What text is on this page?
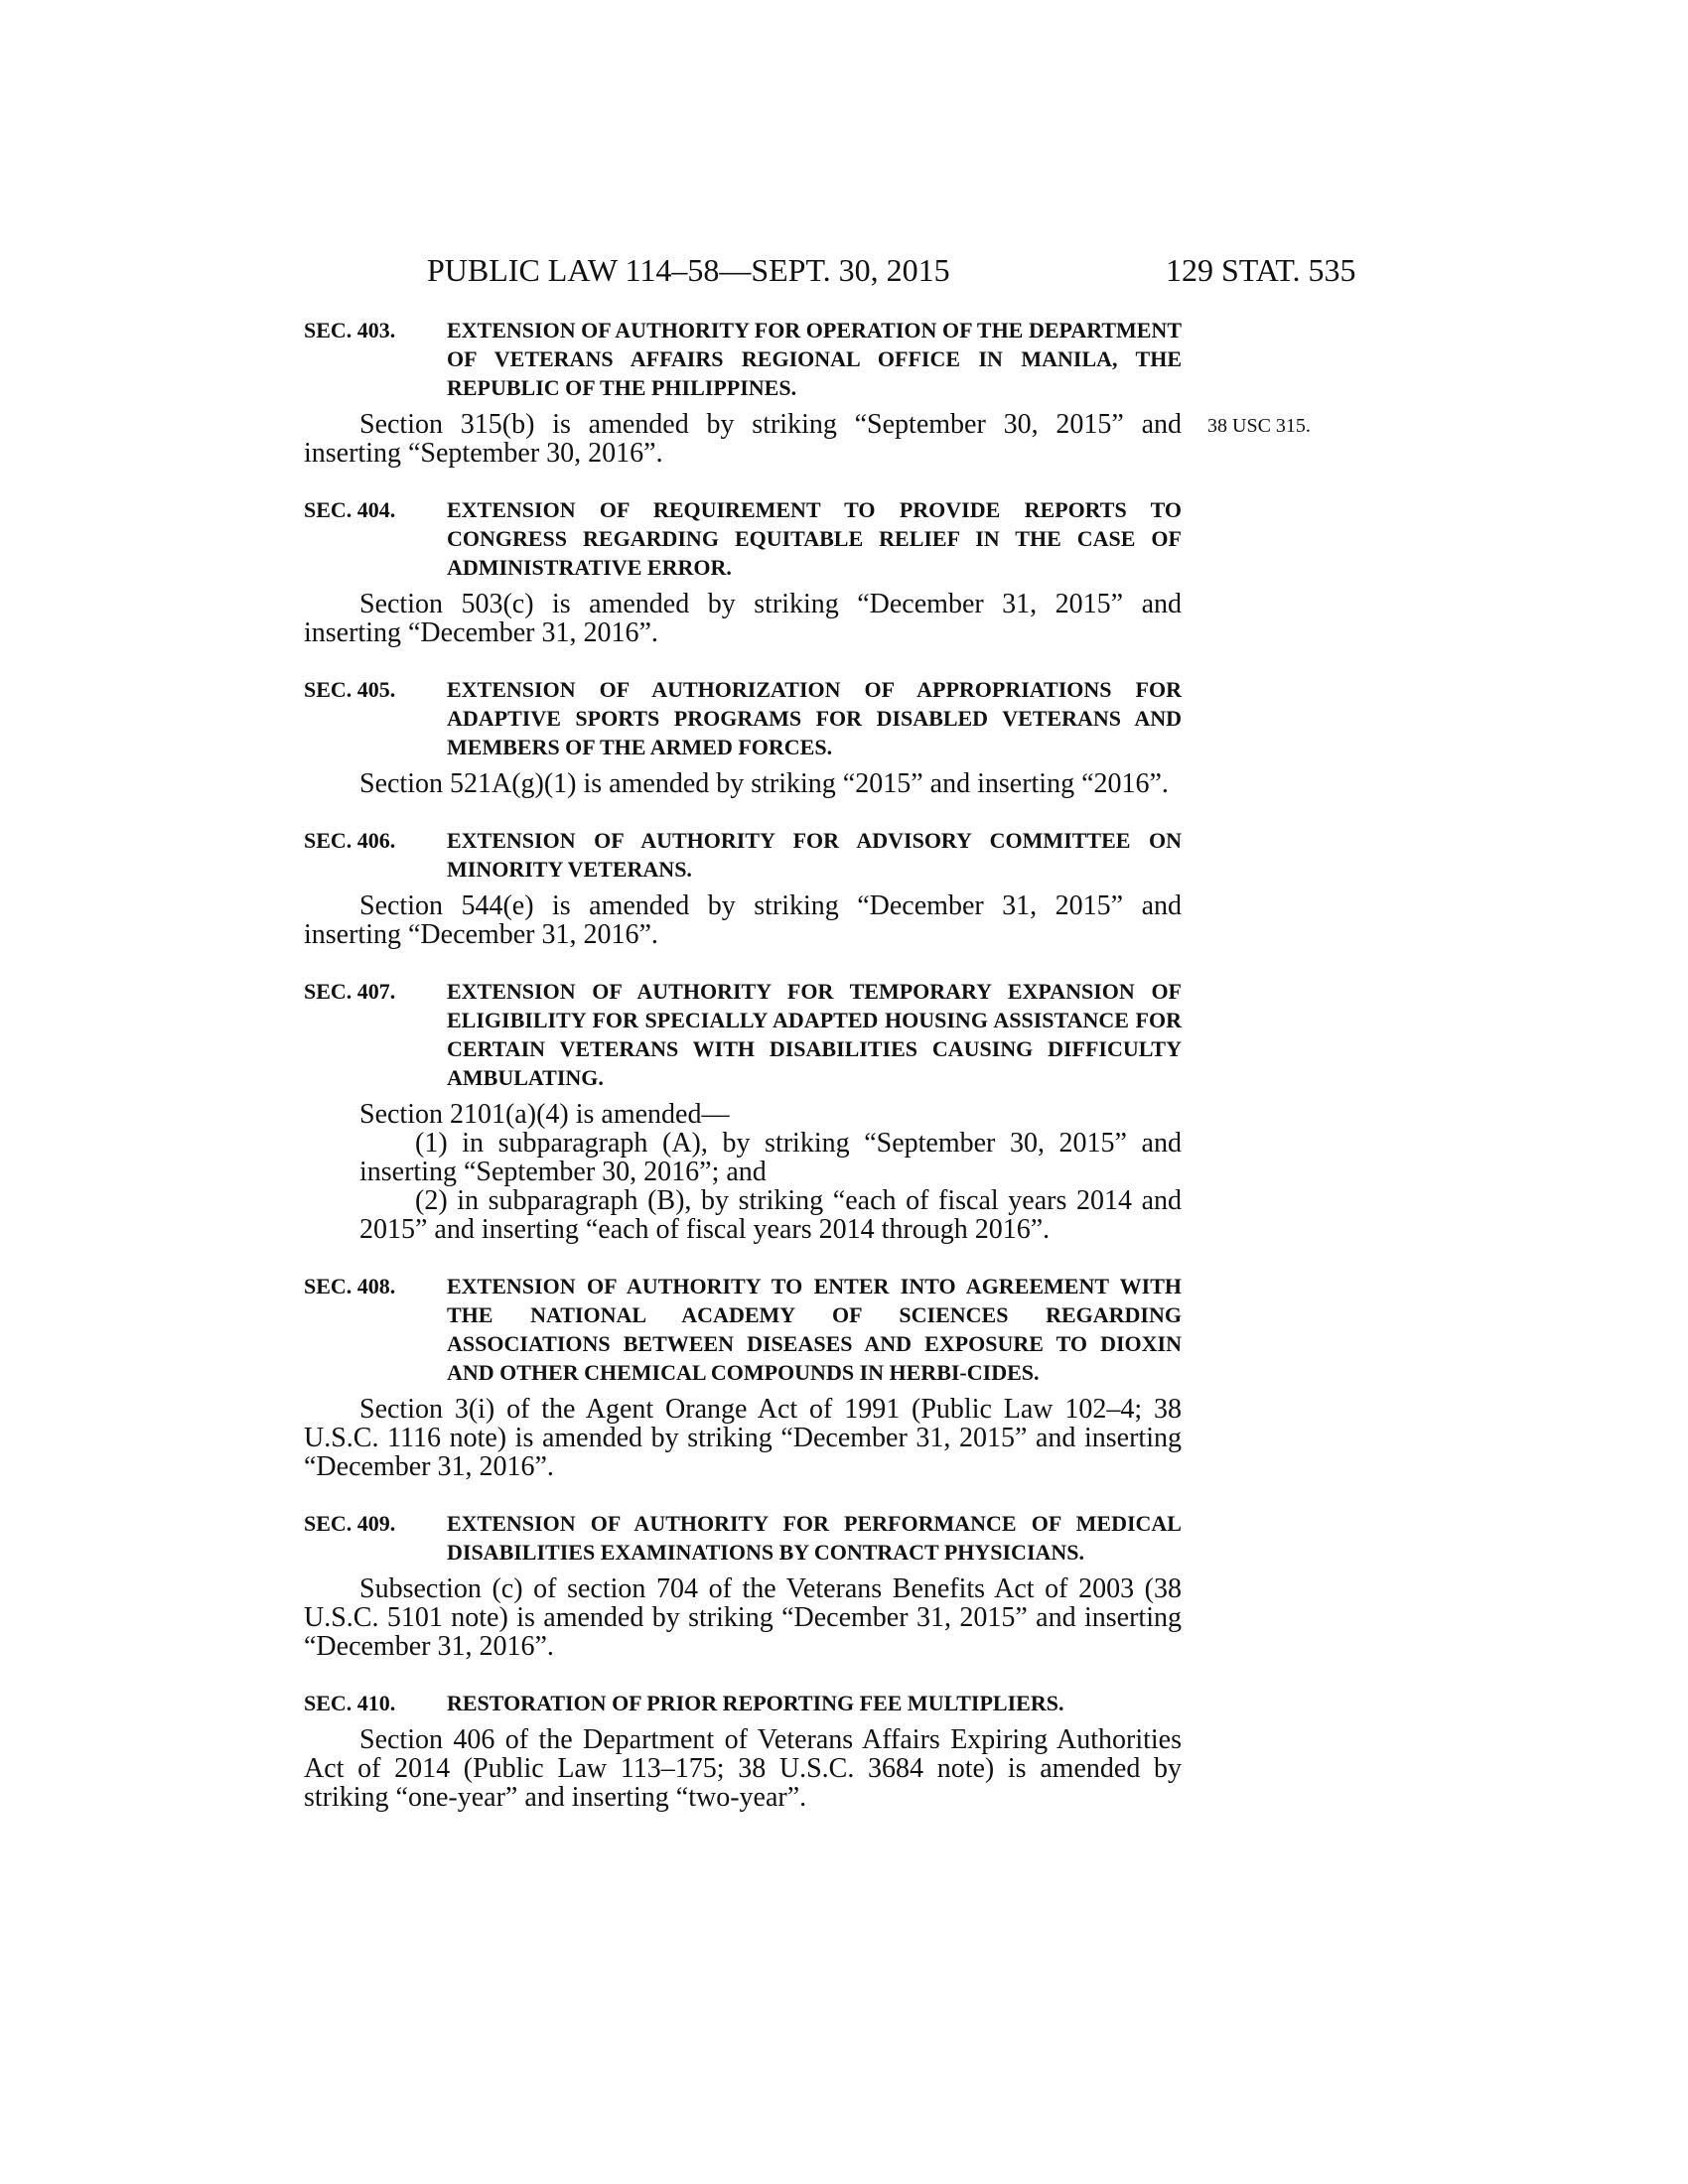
PUBLIC LAW 114–58—SEPT. 30, 2015	129 STAT. 535
SEC. 403. EXTENSION OF AUTHORITY FOR OPERATION OF THE DEPARTMENT OF VETERANS AFFAIRS REGIONAL OFFICE IN MANILA, THE REPUBLIC OF THE PHILIPPINES.

Section 315(b) is amended by striking “September 30, 2015” and inserting “September 30, 2016”.

38 USC 315.
SEC. 404. EXTENSION OF REQUIREMENT TO PROVIDE REPORTS TO CONGRESS REGARDING EQUITABLE RELIEF IN THE CASE OF ADMINISTRATIVE ERROR.

Section 503(c) is amended by striking “December 31, 2015” and inserting “December 31, 2016”.

SEC. 405. EXTENSION OF AUTHORIZATION OF APPROPRIATIONS FOR ADAPTIVE SPORTS PROGRAMS FOR DISABLED VETERANS AND MEMBERS OF THE ARMED FORCES.

Section 521A(g)(1) is amended by striking “2015” and inserting “2016”.

SEC. 406. EXTENSION OF AUTHORITY FOR ADVISORY COMMITTEE ON MINORITY VETERANS.

Section 544(e) is amended by striking “December 31, 2015” and inserting “December 31, 2016”.

SEC. 407. EXTENSION OF AUTHORITY FOR TEMPORARY EXPANSION OF ELIGIBILITY FOR SPECIALLY ADAPTED HOUSING ASSISTANCE FOR CERTAIN VETERANS WITH DISABILITIES CAUSING DIFFICULTY AMBULATING.

Section 2101(a)(4) is amended—

(1) in subparagraph (A), by striking “September 30, 2015” and inserting “September 30, 2016”; and

(2) in subparagraph (B), by striking “each of fiscal years 2014 and 2015” and inserting “each of fiscal years 2014 through 2016”.

SEC. 408. EXTENSION OF AUTHORITY TO ENTER INTO AGREEMENT WITH THE NATIONAL ACADEMY OF SCIENCES REGARDING ASSOCIATIONS BETWEEN DISEASES AND EXPOSURE TO DIOXIN AND OTHER CHEMICAL COMPOUNDS IN HERBI-CIDES.

Section 3(i) of the Agent Orange Act of 1991 (Public Law 102–4; 38 U.S.C. 1116 note) is amended by striking “December 31, 2015” and inserting “December 31, 2016”.

SEC. 409. EXTENSION OF AUTHORITY FOR PERFORMANCE OF MEDICAL DISABILITIES EXAMINATIONS BY CONTRACT PHYSICIANS.

Subsection (c) of section 704 of the Veterans Benefits Act of 2003 (38 U.S.C. 5101 note) is amended by striking “December 31, 2015” and inserting “December 31, 2016”.

SEC. 410. RESTORATION OF PRIOR REPORTING FEE MULTIPLIERS.

Section 406 of the Department of Veterans Affairs Expiring Authorities Act of 2014 (Public Law 113–175; 38 U.S.C. 3684 note) is amended by striking “one-year” and inserting “two-year”.
